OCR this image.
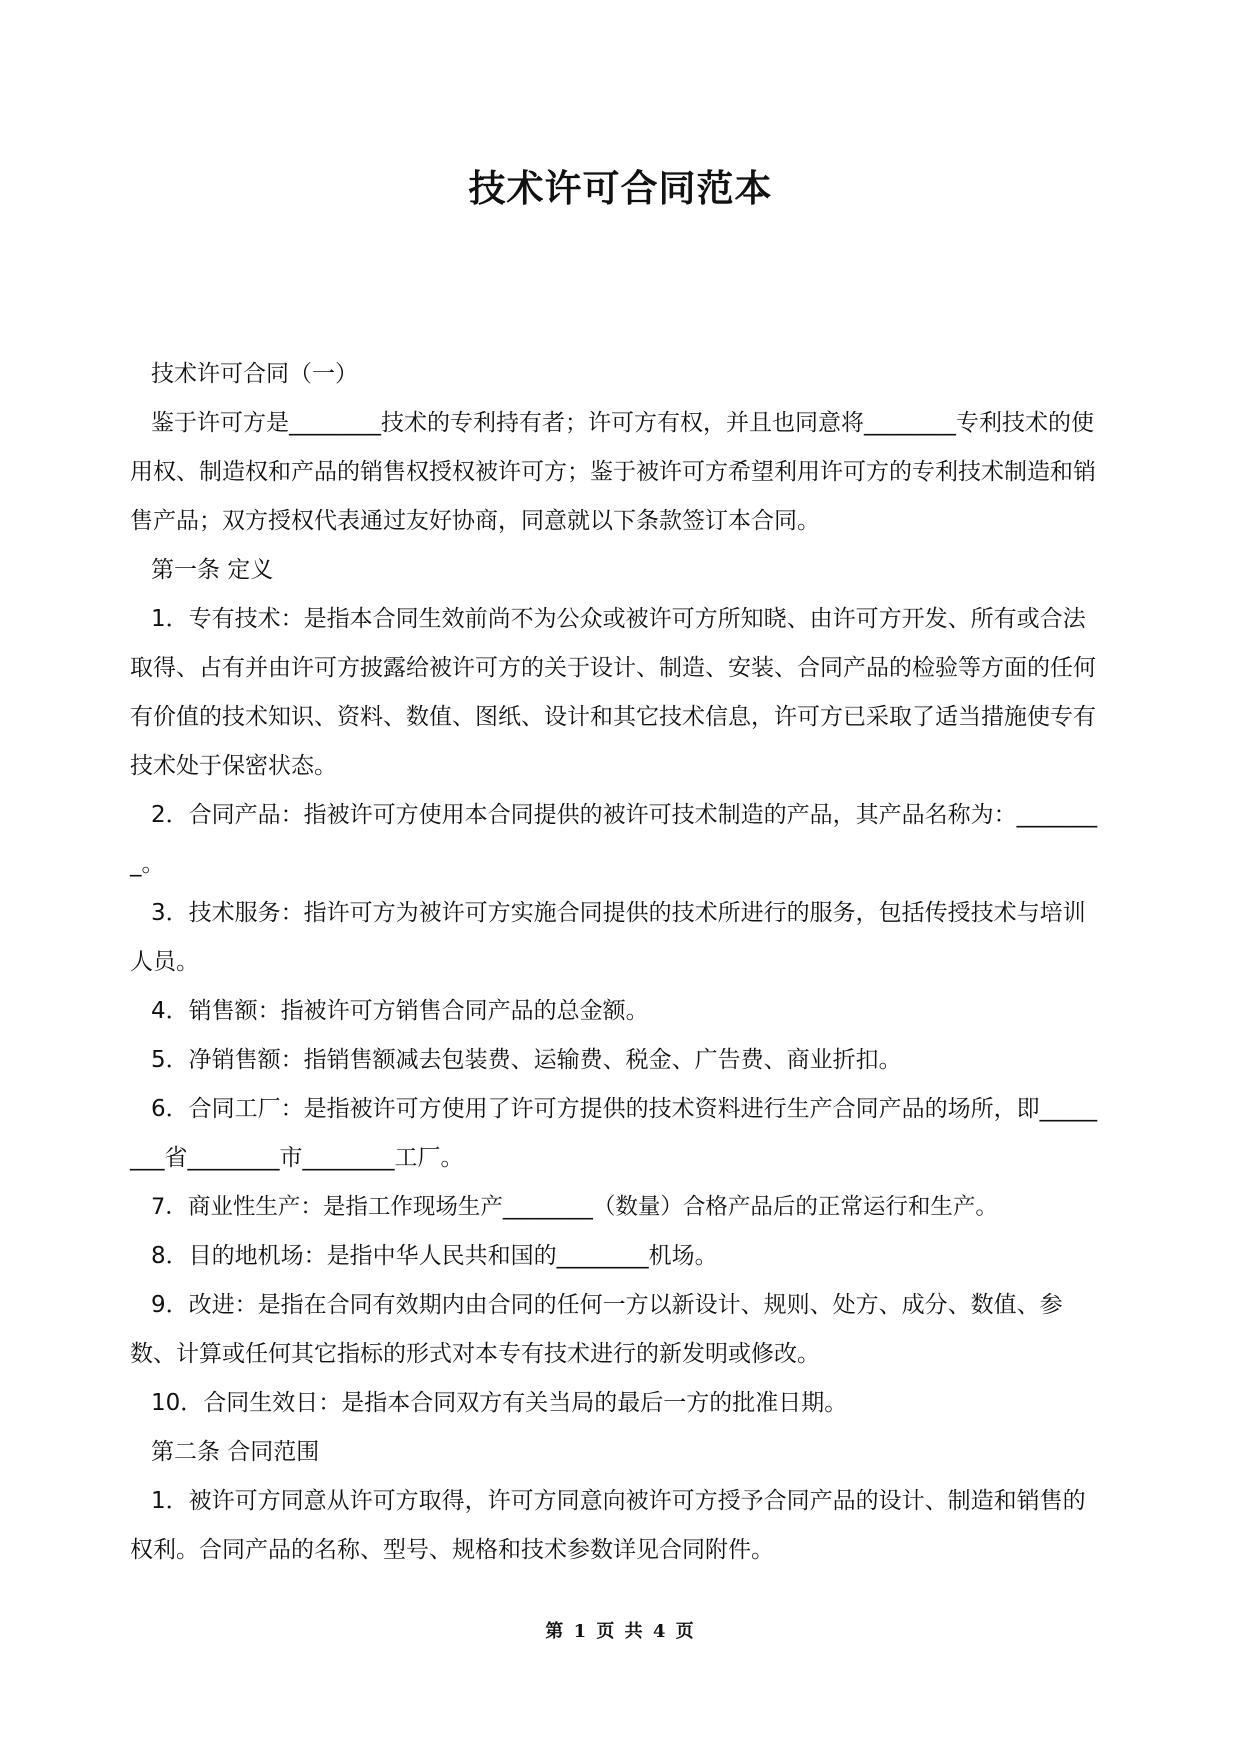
技术许可合同范本

技术许可合同（一）

鉴于许可方是________技术的专利持有者；许可方有权，并且也同意将________专利技术的使用权、制造权和产品的销售权授权被许可方；鉴于被许可方希望利用许可方的专利技术制造和销售产品；双方授权代表通过友好协商，同意就以下条款签订本合同。

第一条 定义

1．专有技术：是指本合同生效前尚不为公众或被许可方所知晓、由许可方开发、所有或合法取得、占有并由许可方披露给被许可方的关于设计、制造、安装、合同产品的检验等方面的任何有价值的技术知识、资料、数值、图纸、设计和其它技术信息，许可方已采取了适当措施使专有技术处于保密状态。

2．合同产品：指被许可方使用本合同提供的被许可技术制造的产品，其产品名称为：________。

3．技术服务：指许可方为被许可方实施合同提供的技术所进行的服务，包括传授技术与培训人员。

4．销售额：指被许可方销售合同产品的总金额。

5．净销售额：指销售额减去包装费、运输费、税金、广告费、商业折扣。

6．合同工厂：是指被许可方使用了许可方提供的技术资料进行生产合同产品的场所，即________省________市________工厂。

7．商业性生产：是指工作现场生产________（数量）合格产品后的正常运行和生产。

8．目的地机场：是指中华人民共和国的________机场。

9．改进：是指在合同有效期内由合同的任何一方以新设计、规则、处方、成分、数值、参数、计算或任何其它指标的形式对本专有技术进行的新发明或修改。

10．合同生效日：是指本合同双方有关当局的最后一方的批准日期。

第二条 合同范围

1．被许可方同意从许可方取得，许可方同意向被许可方授予合同产品的设计、制造和销售的权利。合同产品的名称、型号、规格和技术参数详见合同附件。

第 1 页 共 4 页
